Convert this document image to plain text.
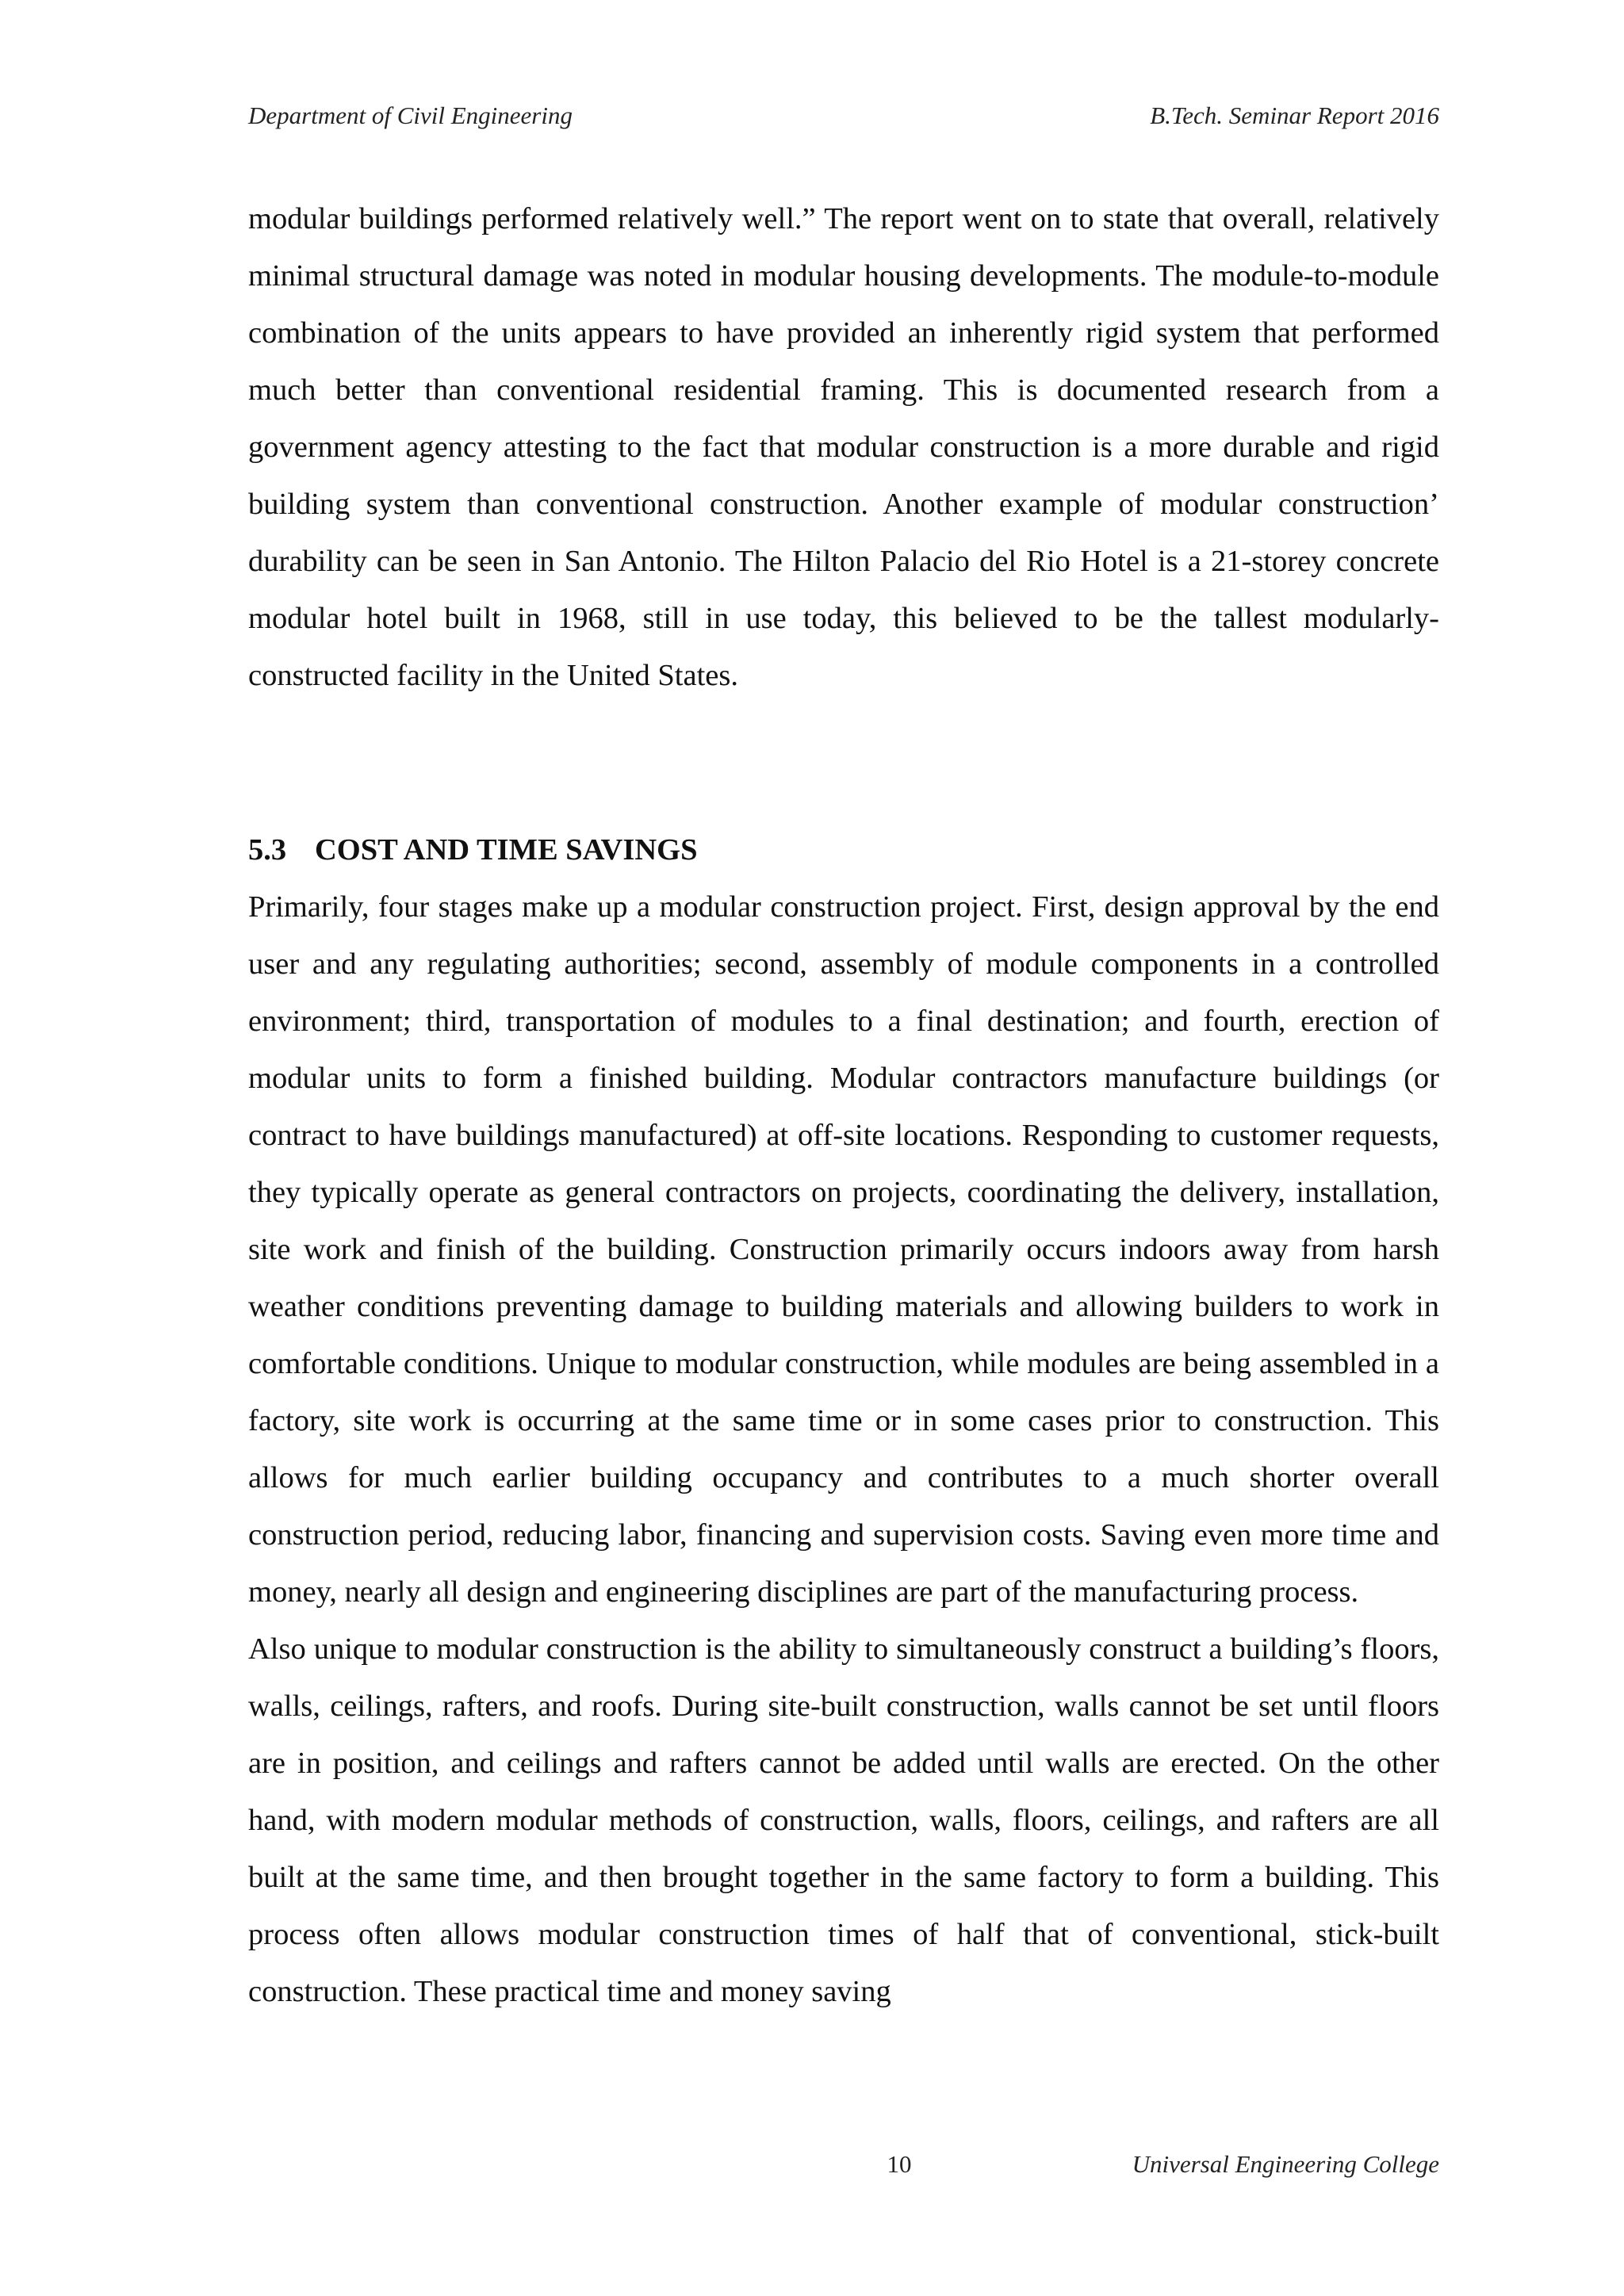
Department of Civil Engineering	B.Tech. Seminar Report 2016

modular buildings performed relatively well.” The report went on to state that overall, relatively minimal structural damage was noted in modular housing developments. The module-to-module combination of the units appears to have provided an inherently rigid system that performed much better than conventional residential framing. This is documented research from a government agency attesting to the fact that modular construction is a more durable and rigid building system than conventional construction. Another example of modular construction’ durability can be seen in San Antonio. The Hilton Palacio del Rio Hotel is a 21-storey concrete modular hotel built in 1968, still in use today, this believed to be the tallest modularly-constructed facility in the United States.

5.3 COST AND TIME SAVINGS

Primarily, four stages make up a modular construction project. First, design approval by the end user and any regulating authorities; second, assembly of module components in a controlled environment; third, transportation of modules to a final destination; and fourth, erection of modular units to form a finished building. Modular contractors manufacture buildings (or contract to have buildings manufactured) at off-site locations. Responding to customer requests, they typically operate as general contractors on projects, coordinating the delivery, installation, site work and finish of the building. Construction primarily occurs indoors away from harsh weather conditions preventing damage to building materials and allowing builders to work in comfortable conditions. Unique to modular construction, while modules are being assembled in a factory, site work is occurring at the same time or in some cases prior to construction. This allows for much earlier building occupancy and contributes to a much shorter overall construction period, reducing labor, financing and supervision costs. Saving even more time and money, nearly all design and engineering disciplines are part of the manufacturing process.

Also unique to modular construction is the ability to simultaneously construct a building’s floors, walls, ceilings, rafters, and roofs. During site-built construction, walls cannot be set until floors are in position, and ceilings and rafters cannot be added until walls are erected. On the other hand, with modern modular methods of construction, walls, floors, ceilings, and rafters are all built at the same time, and then brought together in the same factory to form a building. This process often allows modular construction times of half that of conventional, stick-built construction. These practical time and money saving

10	Universal Engineering College
